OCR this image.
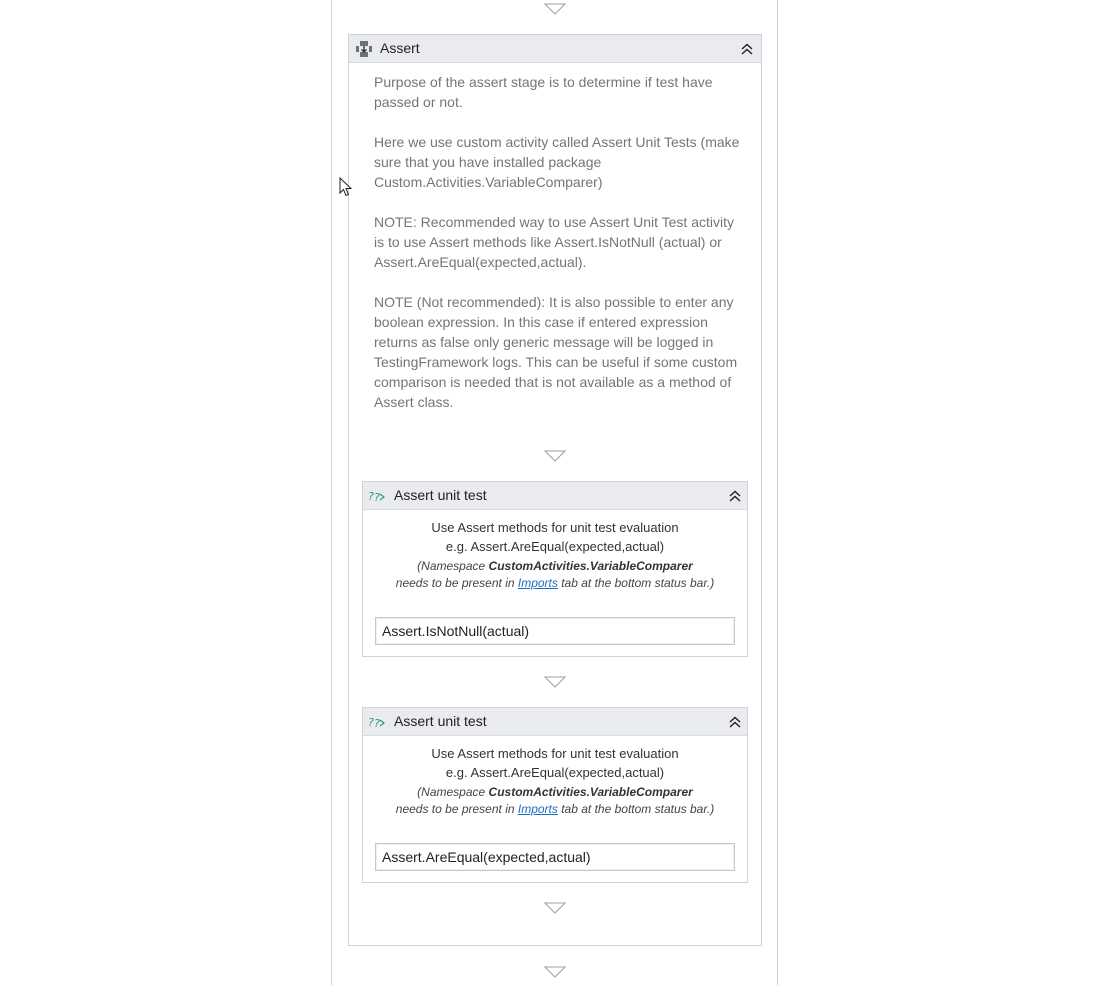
Assert

Purpose of the assert stage is to determine if test have passed or not.

Here we use custom activity called Assert Unit Tests (make sure that you have installed package Custom.Activities.VariableComparer)

NOTE: Recommended way to use Assert Unit Test activity is to use Assert methods like Assert.IsNotNull (actual) or Assert.AreEqual(expected,actual).

NOTE (Not recommended): It is also possible to enter any boolean expression. In this case if entered expression returns as false only generic message will be logged in TestingFramework logs. This can be useful if some custom comparison is needed that is not available as a method of Assert class.

? ? Assert unit test
Use Assert methods for unit test evaluation
e.g. Assert.AreEqual(expected,actual)
(Namespace CustomActivities.VariableComparer
needs to be present in Imports tab at the bottom status bar.)
Assert.IsNotNull(actual)
? ? Assert unit test
Use Assert methods for unit test evaluation
e.g. Assert.AreEqual(expected,actual)
(Namespace CustomActivities.VariableComparer
needs to be present in Imports tab at the bottom status bar.)
Assert.AreEqual(expected,actual)
